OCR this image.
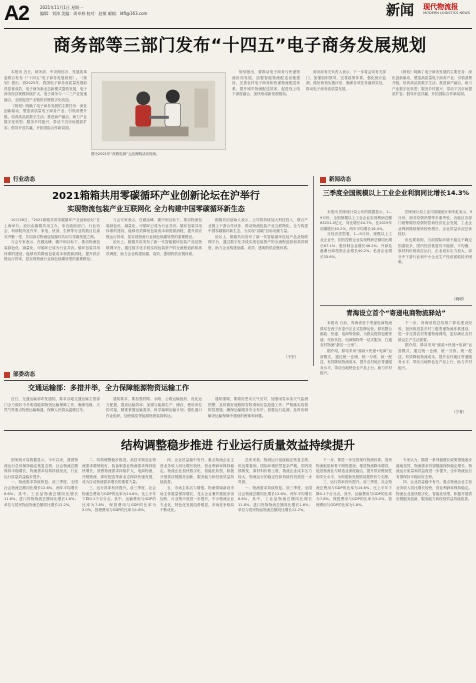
A2	2021年11月1日 星期一
编辑：刘涛 美编：周卓林 校对：赵敏 邮箱：ldfl@163.com	新闻 现代物流报
MODERN LOGISTICS NEWS
商务部等三部门发布“十四五”电子商务发展规划

本报讯 近日，商务部、中央网信办、发展改革委联合发布《“十四五”电子商务发展规划》。《规划》提出，到2025年，我国电子商务高质量发展取得显著成效，电子商务新业态新模式蓬勃发展，电子商务经济规模持续扩大，电子商务与一二三产业加速融合，全面促进产业链供应链数字化改造。

《规划》明确了电子商务发展的主要任务：深化创新驱动，塑造高质量电子商务产业；引领消费升级，培育高品质数字生活；推进商产融合，助力产业数字化转型；服务乡村振兴，带动下沉市场提质扩容；倡导开放共赢，开拓国际合作新局面。

图为2021年“丝路电商”云品海购活动现场。

规划指出，要推动电子商务与快递物流协同发展，加强智能物流配送设施建设，完善农村电子商务和快递物流配送体系，提升城乡物流配送效率，促进线上线下深度融合，加快形成新发展格局。

商务部有关负责人表示，下一步将会同有关部门，加强组织领导，完善政策体系，强化统计监测，做好规划实施评估，确保各项任务落到实处，推动电子商务高质量发展。

《规划》明确了电子商务发展的主要任务：深化创新驱动，塑造高质量电子商务产业；引领消费升级，培育高品质数字生活；推进商产融合，助力产业数字化转型；服务乡村振兴，带动下沉市场提质扩容；倡导开放共赢，开拓国际合作新局面。

行业动态
2021箱箱共用零碳循环产业创新论坛在沪举行
实现物流包装产业互联网化 全力构建中国零碳循环新生态

10月28日，“2021箱箱共用零碳循环产业创新论坛”在上海举行。论坛由箱箱共用主办，来自政府部门、行业协会、科研院所及汽车、家电、快消、生鲜等行业的数百位嘉宾齐聚一堂，共同探讨物流包装循环共用与零碳发展之路。

与会专家表示，在碳达峰、碳中和目标下，推动物流包装绿色化、减量化、可循环已成为行业共识。循环包装共用体系的建设，能够有效降低包装成本和资源消耗，提升供应链运行效率，是实现物流行业绿色低碳转型的重要路径。

与会专家表示，在碳达峰、碳中和目标下，推动物流包装绿色化、减量化、可循环已成为行业共识。循环包装共用体系的建设，能够有效降低包装成本和资源消耗，提升供应链运行效率，是实现物流行业绿色低碳转型的重要路径。

论坛上，箱箱共用发布了新一代智能循环包装产品及物联网平台，通过数字化手段实现包装资产的全流程追踪和高效调度，助力企业构建低碳、高效、透明的供应链体系。

箱箱共用创始人表示，公司将持续加大科技投入，联合产业链上下游合作伙伴，推动物流包装产业互联网化，全力构建中国零碳循环新生态，为实现“双碳”目标贡献力量。

论坛上，箱箱共用发布了新一代智能循环包装产品及物联网平台，通过数字化手段实现包装资产的全流程追踪和高效调度，助力企业构建低碳、高效、透明的供应链体系。

（于宏）
新闻动态
三季度全国规模以上工业企业利润同比增长14.3%

本报讯 国家统计局公布的数据显示，1—9月份，全国规模以上工业企业实现利润总额63251.0亿元，同比增长44.7%，比2019年同期增长40.2%，两年平均增长18.4%。

分经济类型看，1—9月份，规模以上工业企业中，国有控股企业实现利润总额同比增长67.1%；股份制企业增长46.2%；外商及港澳台商投资企业增长40.2%；私营企业增长33.6%。

国家统计局工业司高级统计师朱虹表示，9月份，面对疫情汛情等多重考验，各地区各部门统筹做好疫情防控和经济社会发展，工业企业利润继续保持较快增长，企业效益状况总体较好。

但也要看到，当前国际环境不稳定不确定因素较多，国内经济恢复仍不稳固、不均衡，原材料价格高位运行，企业成本压力加大，部分中下游行业和中小企业生产经营面临较多困难。

（晓明）
青海设立首个“寄递电商物流驿站”

本报讯 日前，青海省首个寄递电商物流驿站在西宁市湟中区正式挂牌运营。驿站整合邮政、快递、电商等资源，为群众提供包裹寄递、代收代投、电商购物等一站式服务，打通农村物流“最后一公里”。

据介绍，驿站采用“邮政+快递+电商”运营模式，通过统一仓储、统一分拣、统一配送，有效降低物流成本，提升农村地区寄递服务水平，带动当地特色农产品上行，助力乡村振兴。

下一步，青海省将总结推广驿站建设经验，加快推进县乡村三级寄递物流体系建设，进一步完善农村寄递物流网络，更好满足农村群众生产生活需要。

据介绍，驿站采用“邮政+快递+电商”运营模式，通过统一仓储、统一分拣、统一配送，有效降低物流成本，提升农村地区寄递服务水平，带动当地特色农产品上行，助力乡村振兴。

（宁青）
部委动态
交通运输部：多措并举，全力保障能源物资运输工作

近日，交通运输部印发通知，要求各地交通运输主管部门全力做好今冬明春能源物资运输保障工作，确保电煤、天然气等重点物资运输畅通，保障人民群众温暖过冬。

通知要求，要加强铁路、水路、公路运输组织，优化运力配置，提高运输效率；加强与能源生产、储存、使用单位的对接，精准掌握运输需求，科学编制运输计划；强化港口作业组织，加快煤炭等能源物资装卸转运。

通知强调，要做好恶劣天气应对，加强雨雪冰冻天气监测预警，及时做好道路除雪防滑和应急抢通工作；严格落实疫情防控措施，确保运输服务安全有序；加强运行监测，及时协调解决运输保障中遇到的困难和问题。

结构调整稳步推进 行业运行质量效益持续提升

国家统计局数据显示，今年以来，我国物流运行总体保持稳定恢复态势，社会物流总额保持平稳增长，物流需求结构持续优化，行业运行质量效益稳步提升。

一、物流需求持续恢复。前三季度，全国社会物流总额同比增长12.6%，两年平均增长6.6%。其中，工业品物流总额同比增长11.8%；进口货物物流总额同比增长1.6%；单位与居民物品物流总额同比增长12.2%。

二、结构调整稳步推进。高技术制造业物流需求增势较好，装备制造业物流需求保持较快增长，消费物流需求持续扩大，电商物流、冷链物流、即时配送等新业态保持快速发展，成为拉动物流需求增长的重要力量。

三、运行效率有所提升。前三季度，社会物流总费用与GDP的比率为14.6%，比上半年下降0.1个百分点。其中，运输费用与GDP的比率为7.8%，保管费用与GDP的比率为5.0%，管理费用与GDP的比率为1.8%。

四、企业效益稳中有升。重点物流企业主营业务收入同比增长较快，营业利润率保持稳定。物流企业加快数字化、智能化转型，积极开展供应链服务创新，服务能力和经营效益持续改善。

五、市场主体活力增强。物流领域新设市场主体数量保持增长，龙头企业兼并重组步伐加快，行业集中度进一步提升，中小物流企业专业化、特色化发展趋势明显，市场竞争格局不断优化。

总体来看，物流运行延续稳定恢复态势，但也要看到，国际环境依然复杂严峻，国内疫情散发，原材料价格上涨，物流企业成本压力较大，物流运行的稳定性和持续性仍需进一步巩固。

一、物流需求持续恢复。前三季度，全国社会物流总额同比增长12.6%，两年平均增长6.6%。其中，工业品物流总额同比增长11.8%；进口货物物流总额同比增长1.6%；单位与居民物品物流总额同比增长12.2%。

下一步，要进一步完善现代物流体系，加快物流枢纽和骨干网络建设，推进物流降本增效，促进物流业与制造业深度融合，提升供应链韧性和安全水平，为构建新发展格局提供有力支撑。

三、运行效率有所提升。前三季度，社会物流总费用与GDP的比率为14.6%，比上半年下降0.1个百分点。其中，运输费用与GDP的比率为7.8%，保管费用与GDP的比率为5.0%，管理费用与GDP的比率为1.8%。

专家认为，随着一系列稳增长政策措施逐步落地见效，物流需求有望继续保持稳定增长，物流运行质量和效益将进一步提升，全年物流运行有望保持平稳向好态势。

四、企业效益稳中有升。重点物流企业主营业务收入同比增长较快，营业利润率保持稳定。物流企业加快数字化、智能化转型，积极开展供应链服务创新，服务能力和经营效益持续改善。
